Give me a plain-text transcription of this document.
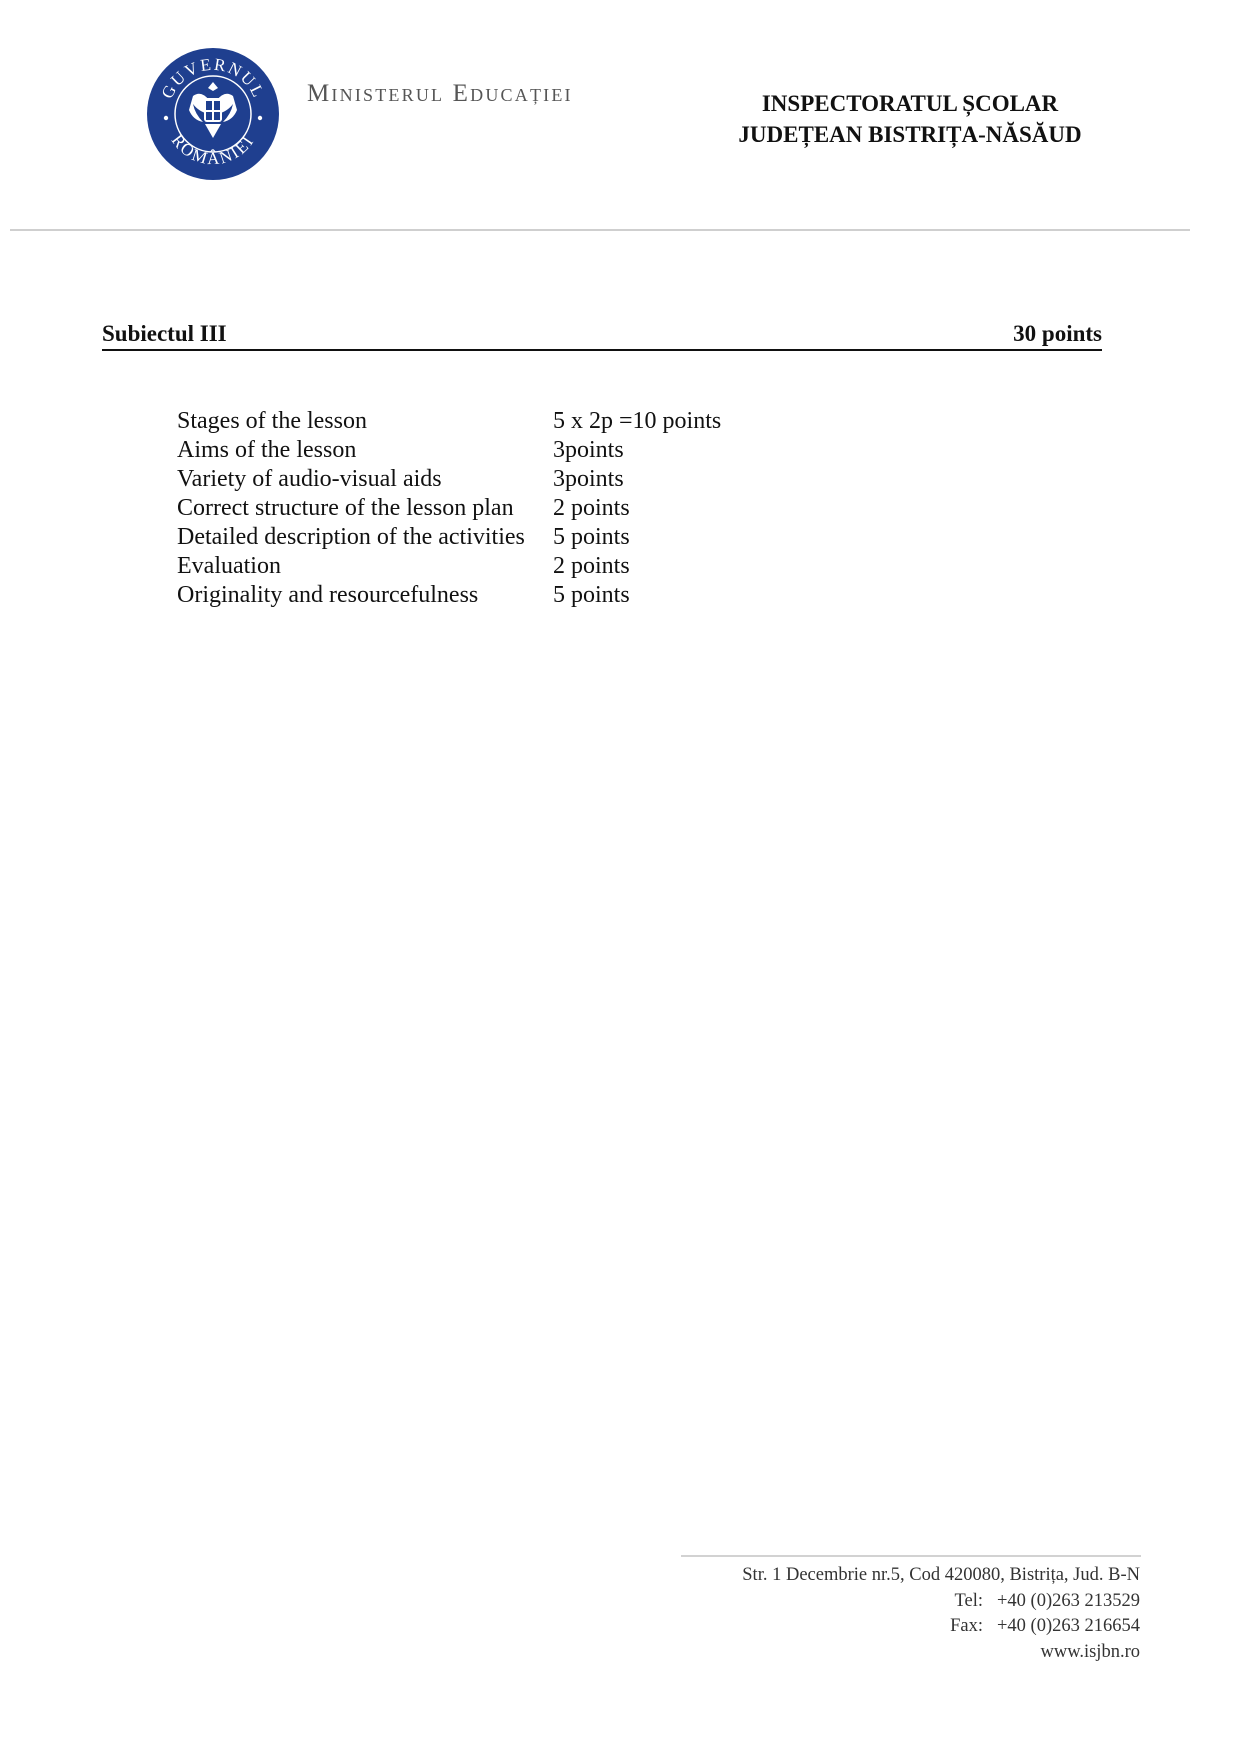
GUVERNUL
ROMÂNIEI
Ministerul Educației	INSPECTORATUL ȘCOLAR
JUDEȚEAN BISTRIȚA-NĂSĂUD
Subiectul III	30 points
Stages of the lesson	5 x 2p =10 points
Aims of the lesson	3points
Variety of audio-visual aids	3points
Correct structure of the lesson plan	2 points
Detailed description of the activities	5 points
Evaluation	2 points
Originality and resourcefulness	5 points
Str. 1 Decembrie nr.5, Cod 420080, Bistrița, Jud. B-N
Tel: +40 (0)263 213529
Fax: +40 (0)263 216654
www.isjbn.ro
